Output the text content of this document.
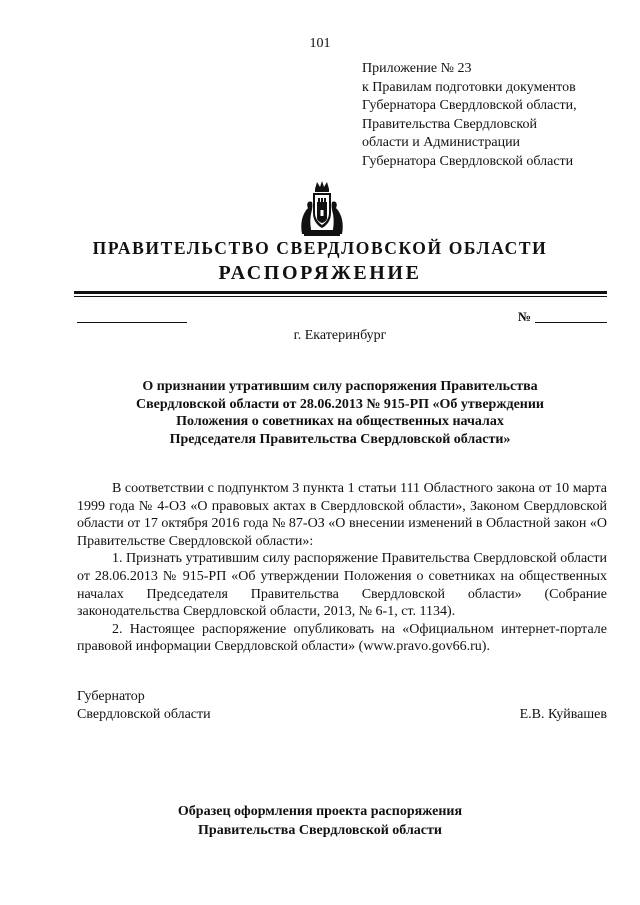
101
Приложение № 23
к Правилам подготовки документов
Губернатора Свердловской области,
Правительства Свердловской
области и Администрации
Губернатора Свердловской области
ПРАВИТЕЛЬСТВО СВЕРДЛОВСКОЙ ОБЛАСТИ
РАСПОРЯЖЕНИЕ
№
г. Екатеринбург
О признании утратившим силу распоряжения Правительства
Свердловской области от 28.06.2013 № 915-РП «Об утверждении
Положения о советниках на общественных началах
Председателя Правительства Свердловской области»

В соответствии с подпунктом 3 пункта 1 статьи 111 Областного закона от 10 марта 1999 года № 4-ОЗ «О правовых актах в Свердловской области», Законом Свердловской области от 17 октября 2016 года № 87-ОЗ «О внесении изменений в Областной закон «О Правительстве Свердловской области»:

1. Признать утратившим силу распоряжение Правительства Свердловской области от 28.06.2013 № 915-РП «Об утверждении Положения о советниках на общественных началах Председателя Правительства Свердловской области» (Собрание законодательства Свердловской области, 2013, № 6-1, ст. 1134).

2. Настоящее распоряжение опубликовать на «Официальном интернет-портале правовой информации Свердловской области» (www.pravo.gov66.ru).

Губернатор
Свердловской области	Е.В. Куйвашев
Образец оформления проекта распоряжения
Правительства Свердловской области
